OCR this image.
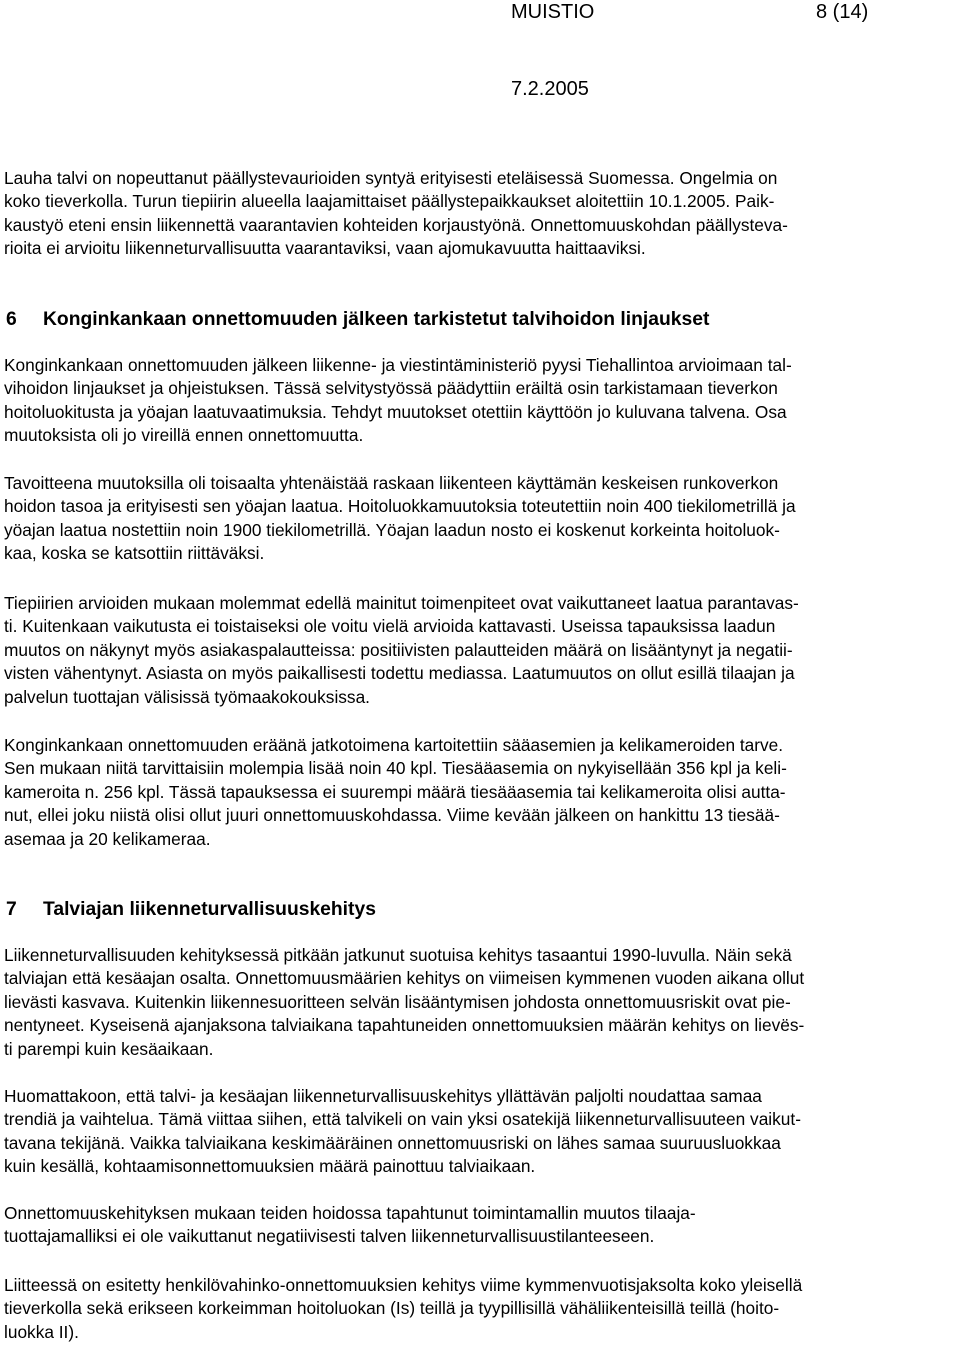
MUISTIO	8 (14)
7.2.2005

Lauha talvi on nopeuttanut päällystevaurioiden syntyä erityisesti eteläisessä Suomessa. Ongelmia on
koko tieverkolla. Turun tiepiirin alueella laajamittaiset päällystepaikkaukset aloitettiin 10.1.2005. Paik-
kaustyö eteni ensin liikennettä vaarantavien kohteiden korjaustyönä. Onnettomuuskohdan päällysteva-
rioita ei arvioitu liikenneturvallisuutta vaarantaviksi, vaan ajomukavuutta haittaaviksi.

6 Konginkankaan onnettomuuden jälkeen tarkistetut talvihoidon linjaukset

Konginkankaan onnettomuuden jälkeen liikenne- ja viestintäministeriö pyysi Tiehallintoa arvioimaan tal-
vihoidon linjaukset ja ohjeistuksen. Tässä selvitystyössä päädyttiin eräiltä osin tarkistamaan tieverkon
hoitoluokitusta ja yöajan laatuvaatimuksia. Tehdyt muutokset otettiin käyttöön jo kuluvana talvena. Osa
muutoksista oli jo vireillä ennen onnettomuutta.

Tavoitteena muutoksilla oli toisaalta yhtenäistää raskaan liikenteen käyttämän keskeisen runkoverkon
hoidon tasoa ja erityisesti sen yöajan laatua. Hoitoluokkamuutoksia toteutettiin noin 400 tiekilometrillä ja
yöajan laatua nostettiin noin 1900 tiekilometrillä. Yöajan laadun nosto ei koskenut korkeinta hoitoluok-
kaa, koska se katsottiin riittäväksi.

Tiepiirien arvioiden mukaan molemmat edellä mainitut toimenpiteet ovat vaikuttaneet laatua parantavas-
ti. Kuitenkaan vaikutusta ei toistaiseksi ole voitu vielä arvioida kattavasti. Useissa tapauksissa laadun
muutos on näkynyt myös asiakaspalautteissa: positiivisten palautteiden määrä on lisääntynyt ja negatii-
visten vähentynyt. Asiasta on myös paikallisesti todettu mediassa. Laatumuutos on ollut esillä tilaajan ja
palvelun tuottajan välisissä työmaakokouksissa.

Konginkankaan onnettomuuden eräänä jatkotoimena kartoitettiin sääasemien ja kelikameroiden tarve.
Sen mukaan niitä tarvittaisiin molempia lisää noin 40 kpl. Tiesääasemia on nykyisellään 356 kpl ja keli-
kameroita n. 256 kpl. Tässä tapauksessa ei suurempi määrä tiesääasemia tai kelikameroita olisi autta-
nut, ellei joku niistä olisi ollut juuri onnettomuuskohdassa. Viime kevään jälkeen on hankittu 13 tiesää-
asemaa ja 20 kelikameraa.

7 Talviajan liikenneturvallisuuskehitys

Liikenneturvallisuuden kehityksessä pitkään jatkunut suotuisa kehitys tasaantui 1990-luvulla. Näin sekä
talviajan että kesäajan osalta. Onnettomuusmäärien kehitys on viimeisen kymmenen vuoden aikana ollut
lievästi kasvava. Kuitenkin liikennesuoritteen selvän lisääntymisen johdosta onnettomuusriskit ovat pie-
nentyneet. Kyseisenä ajanjaksona talviaikana tapahtuneiden onnettomuuksien määrän kehitys on lievës-
ti parempi kuin kesäaikaan.

Huomattakoon, että talvi- ja kesäajan liikenneturvallisuuskehitys yllättävän paljolti noudattaa samaa
trendiä ja vaihtelua. Tämä viittaa siihen, että talvikeli on vain yksi osatekijä liikenneturvallisuuteen vaikut-
tavana tekijänä. Vaikka talviaikana keskimääräinen onnettomuusriski on lähes samaa suuruusluokkaa
kuin kesällä, kohtaamisonnettomuuksien määrä painottuu talviaikaan.

Onnettomuuskehityksen mukaan teiden hoidossa tapahtunut toimintamallin muutos tilaaja-
tuottajamalliksi ei ole vaikuttanut negatiivisesti talven liikenneturvallisuustilanteeseen.

Liitteessä on esitetty henkilövahinko-onnettomuuksien kehitys viime kymmenvuotisjaksolta koko yleisellä
tieverkolla sekä erikseen korkeimman hoitoluokan (Is) teillä ja tyypillisillä vähäliikenteisillä teillä (hoito-
luokka II).
